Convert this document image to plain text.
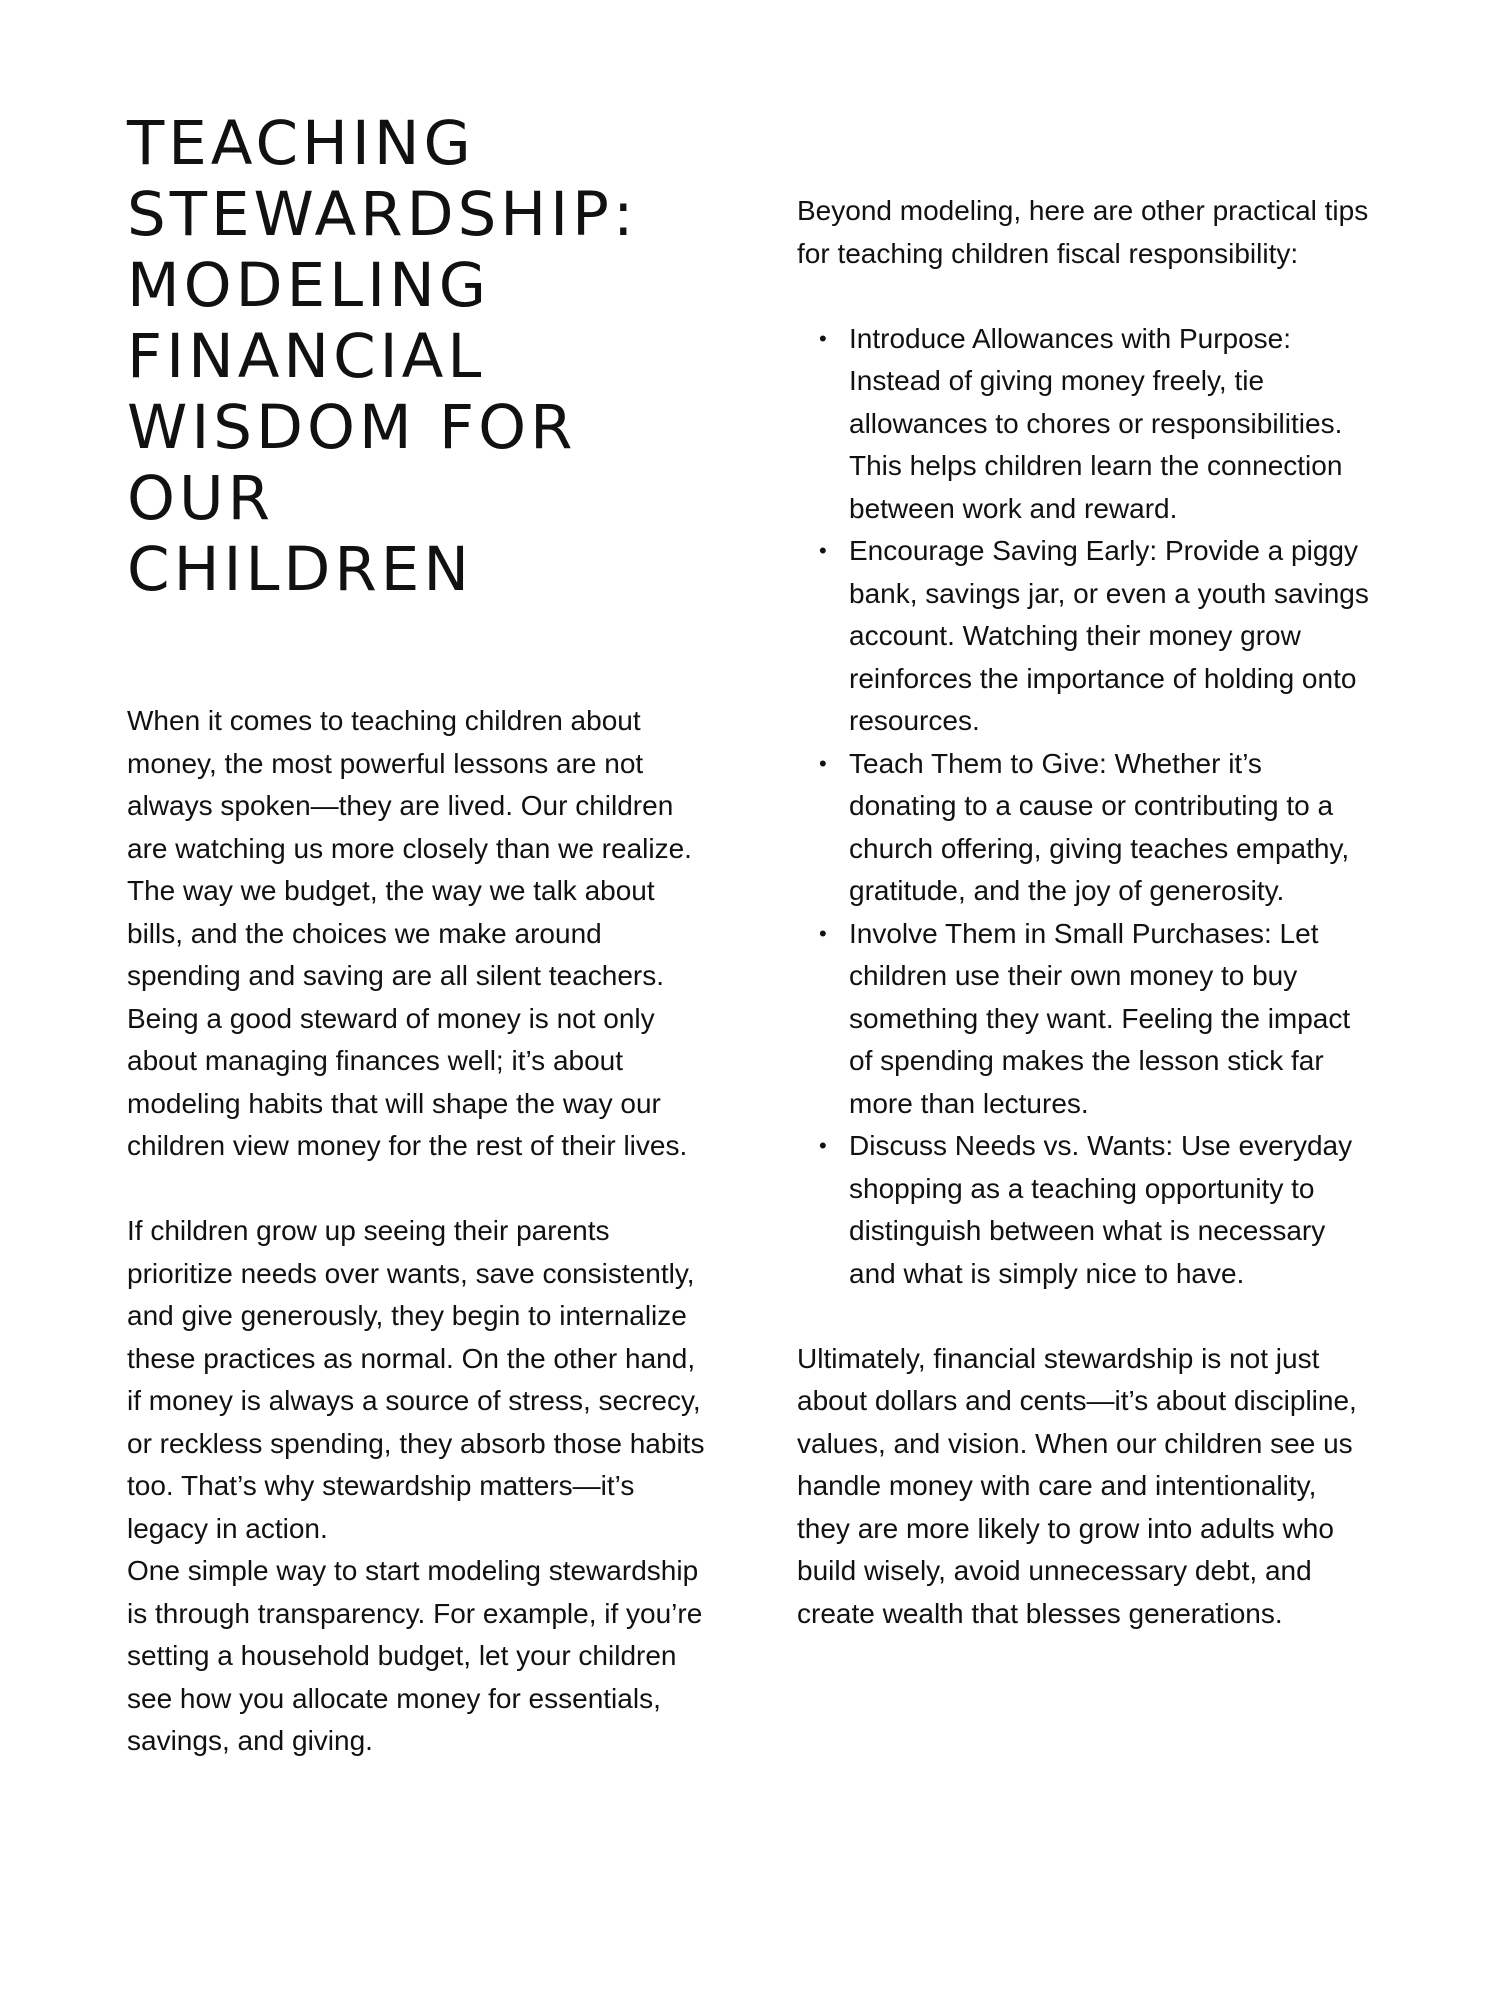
TEACHING
STEWARDSHIP:
MODELING
FINANCIAL
WISDOM FOR
OUR
CHILDREN

When it comes to teaching children about money, the most powerful lessons are not always spoken—they are lived. Our children are watching us more closely than we realize. The way we budget, the way we talk about bills, and the choices we make around spending and saving are all silent teachers. Being a good steward of money is not only about managing finances well; it’s about modeling habits that will shape the way our children view money for the rest of their lives.

If children grow up seeing their parents prioritize needs over wants, save consistently, and give generously, they begin to internalize these practices as normal. On the other hand, if money is always a source of stress, secrecy, or reckless spending, they absorb those habits too. That’s why stewardship matters—it’s legacy in action.

One simple way to start modeling stewardship is through transparency. For example, if you’re setting a household budget, let your children see how you allocate money for essentials, savings, and giving.

Beyond modeling, here are other practical tips for teaching children fiscal responsibility:

• Introduce Allowances with Purpose: Instead of giving money freely, tie allowances to chores or responsibilities. This helps children learn the connection between work and reward.
• Encourage Saving Early: Provide a piggy bank, savings jar, or even a youth savings account. Watching their money grow reinforces the importance of holding onto resources.
• Teach Them to Give: Whether it’s donating to a cause or contributing to a church offering, giving teaches empathy, gratitude, and the joy of generosity.
• Involve Them in Small Purchases: Let children use their own money to buy something they want. Feeling the impact of spending makes the lesson stick far more than lectures.
• Discuss Needs vs. Wants: Use everyday shopping as a teaching opportunity to distinguish between what is necessary and what is simply nice to have.

Ultimately, financial stewardship is not just about dollars and cents—it’s about discipline, values, and vision. When our children see us handle money with care and intentionality, they are more likely to grow into adults who build wisely, avoid unnecessary debt, and create wealth that blesses generations.
